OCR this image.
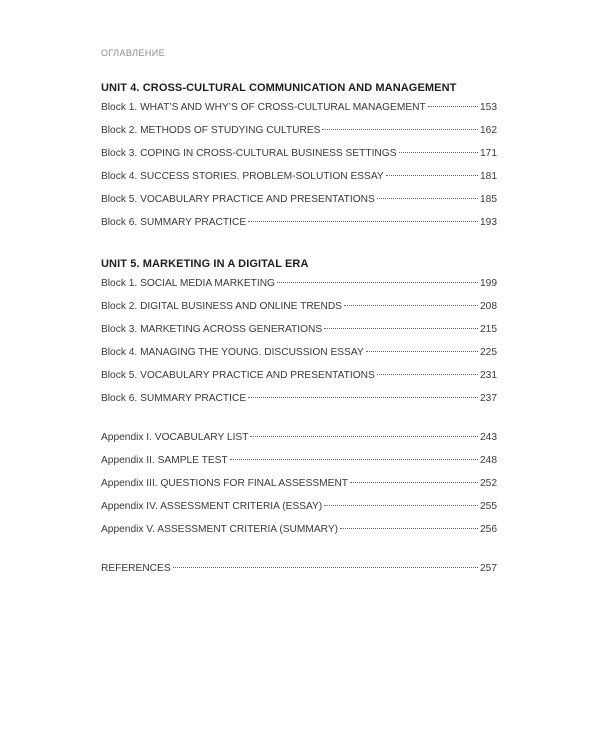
ОГЛАВЛЕНИЕ
UNIT 4. CROSS-CULTURAL COMMUNICATION AND MANAGEMENT
Block 1. WHAT’S AND WHY’S OF CROSS-CULTURAL MANAGEMENT	153
Block 2. METHODS OF STUDYING CULTURES	162
Block 3. COPING IN CROSS-CULTURAL BUSINESS SETTINGS	171
Block 4. SUCCESS STORIES. PROBLEM-SOLUTION ESSAY	181
Block 5. VOCABULARY PRACTICE AND PRESENTATIONS	185
Block 6. SUMMARY PRACTICE	193
UNIT 5. MARKETING IN A DIGITAL ERA
Block 1. SOCIAL MEDIA MARKETING	199
Block 2. DIGITAL BUSINESS AND ONLINE TRENDS	208
Block 3. MARKETING ACROSS GENERATIONS	215
Block 4. MANAGING THE YOUNG. DISCUSSION ESSAY	225
Block 5. VOCABULARY PRACTICE AND PRESENTATIONS	231
Block 6. SUMMARY PRACTICE	237
Appendix I. VOCABULARY LIST	243
Appendix II. SAMPLE TEST	248
Appendix III. QUESTIONS FOR FINAL ASSESSMENT	252
Appendix IV. ASSESSMENT CRITERIA (ESSAY)	255
Appendix V. ASSESSMENT CRITERIA (SUMMARY)	256
REFERENCES	257
